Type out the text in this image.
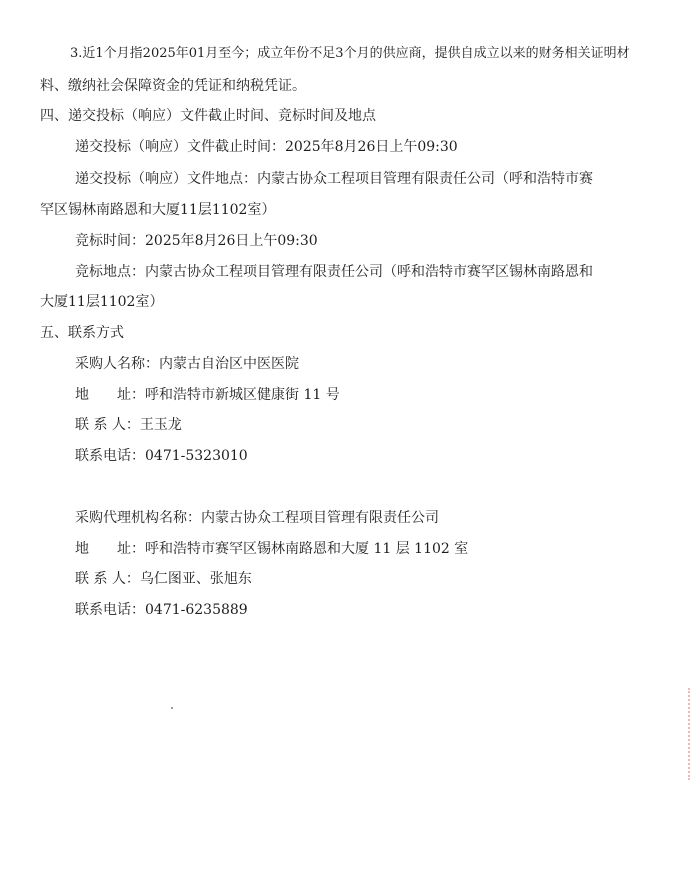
3.近1个月指2025年01月至今；成立年份不足3个月的供应商，提供自成立以来的财务相关证明材
料、缴纳社会保障资金的凭证和纳税凭证。
四、递交投标（响应）文件截止时间、竞标时间及地点
递交投标（响应）文件截止时间：2025年8月26日上午09:30
递交投标（响应）文件地点：内蒙古协众工程项目管理有限责任公司（呼和浩特市赛
罕区锡林南路恩和大厦11层1102室）
竞标时间：2025年8月26日上午09:30
竞标地点：内蒙古协众工程项目管理有限责任公司（呼和浩特市赛罕区锡林南路恩和
大厦11层1102室）
五、联系方式
采购人名称：内蒙古自治区中医医院
地　　址：呼和浩特市新城区健康街 11 号
联 系 人：王玉龙
联系电话：0471-5323010
采购代理机构名称：内蒙古协众工程项目管理有限责任公司
地　　址：呼和浩特市赛罕区锡林南路恩和大厦 11 层 1102 室
联 系 人：乌仁图亚、张旭东
联系电话：0471-6235889
